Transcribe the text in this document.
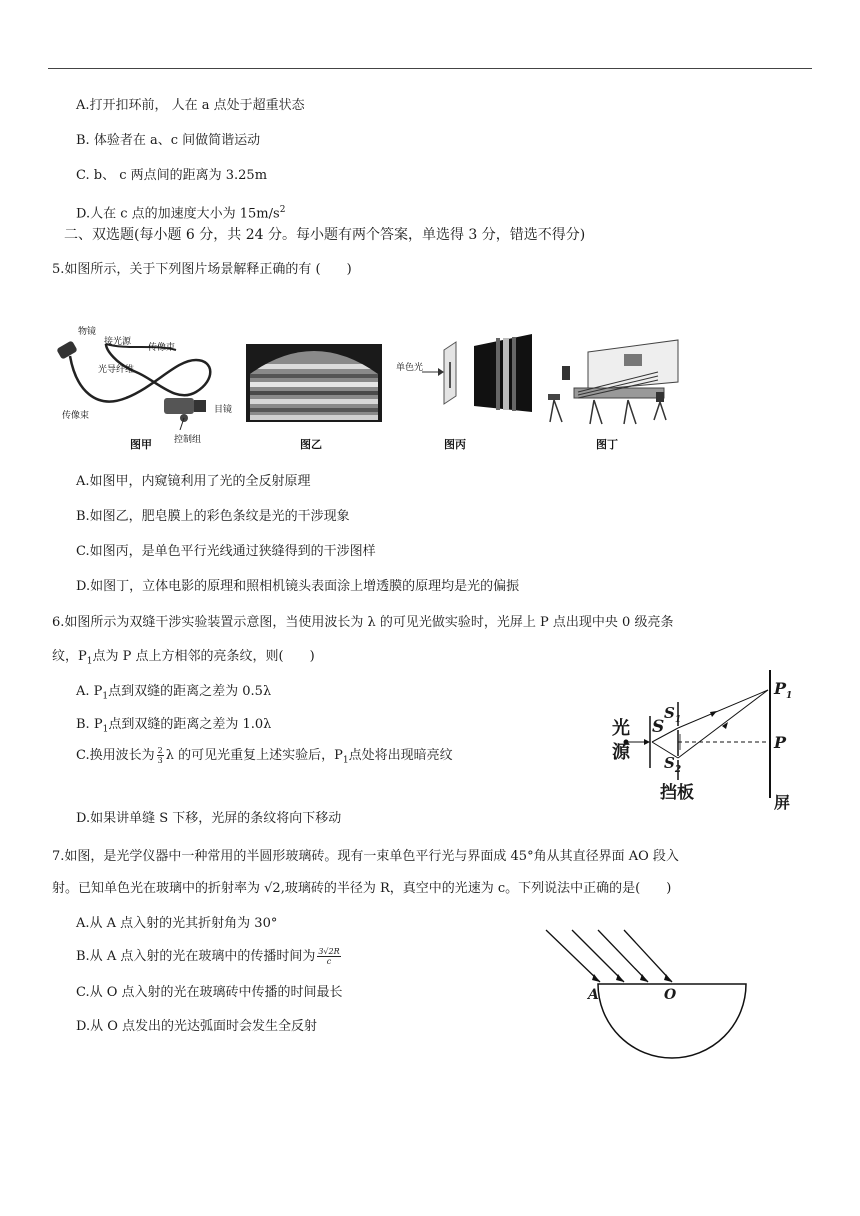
A.打开扣环前， 人在 a 点处于超重状态
B. 体验者在 a、c 间做简谐运动
C. b、 c 两点间的距离为 3.25m
D.人在 c 点的加速度大小为 $15m/s^2$
二、双选题(每小题 6 分，共 24 分。每小题有两个答案，单选得 3 分，错选不得分)
5.如图所示，关于下列图片场景解释正确的有 (　　)
物镜
接光源
传像束
光导纤维
传像束
目镜
控制组
图甲	图乙
单色光
图丙	图丁
A.如图甲，内窥镜利用了光的全反射原理
B.如图乙，肥皂膜上的彩色条纹是光的干涉现象
C.如图丙，是单色平行光线通过狭缝得到的干涉图样
D.如图丁，立体电影的原理和照相机镜头表面涂上增透膜的原理均是光的偏振
6.如图所示为双缝干涉实验装置示意图，当使用波长为 λ 的可见光做实验时，光屏上 P 点出现中央 0 级亮条
纹，$P_1$点为 P 点上方相邻的亮条纹，则(　　)
A. $P_1$点到双缝的距离之差为 0.5λ
B. $P_1$点到双缝的距离之差为 1.0λ
C.换用波长为 $\frac{2}{3}$ λ 的可见光重复上述实验后，$P_1$点处将出现暗亮纹
D.如果讲单缝 S 下移，光屏的条纹将向下移动
光
源
S
$S_1$
$S_2$
$P_1$
P
挡板	屏
7.如图，是光学仪器中一种常用的半圆形玻璃砖。现有一束单色平行光与界面成 45°角从其直径界面 AO 段入
射。已知单色光在玻璃中的折射率为 √2,玻璃砖的半径为 R，真空中的光速为 c。下列说法中正确的是(　　)
A.从 A 点入射的光其折射角为 30°
B.从 A 点入射的光在玻璃中的传播时间为 $\frac{3√2R}{c}$
C.从 O 点入射的光在玻璃砖中传播的时间最长
D.从 O 点发出的光达弧面时会发生全反射
A	O
